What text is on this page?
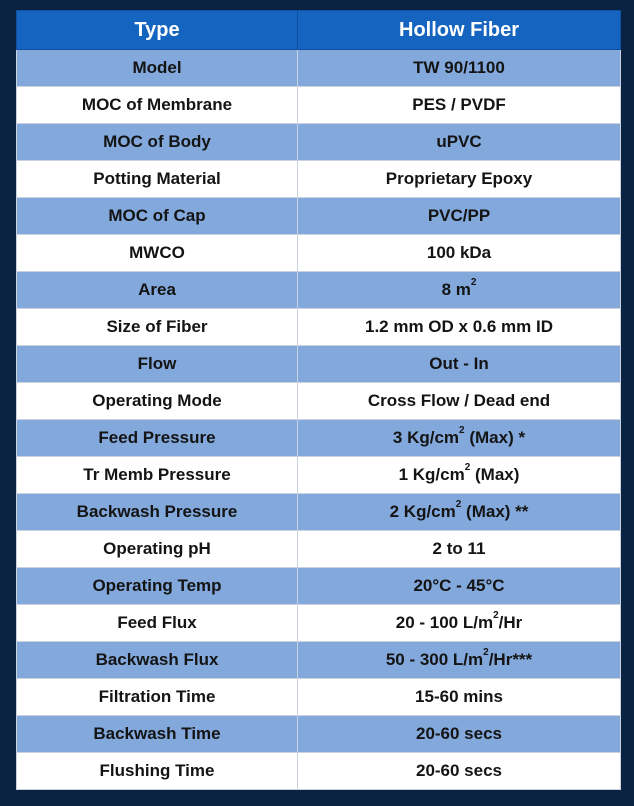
Type	Hollow Fiber
Model	TW 90/1100
MOC of Membrane	PES / PVDF
MOC of Body	uPVC
Potting Material	Proprietary Epoxy
MOC of Cap	PVC/PP
MWCO	100 kDa
Area	8 $m^2$
Size of Fiber	1.2 mm OD x 0.6 mm ID
Flow	Out - In
Operating Mode	Cross Flow / Dead end
Feed Pressure	3 $Kg/cm^2$ (Max) *
Tr Memb Pressure	1 $Kg/cm^2$ (Max)
Backwash Pressure	2 $Kg/cm^2$ (Max) **
Operating pH	2 to 11
Operating Temp	20°C - 45°C
Feed Flux	20 - 100 $L/m^2/Hr$
Backwash Flux	50 - 300 $L/m^2/Hr***$
Filtration Time	15-60 mins
Backwash Time	20-60 secs
Flushing Time	20-60 secs
